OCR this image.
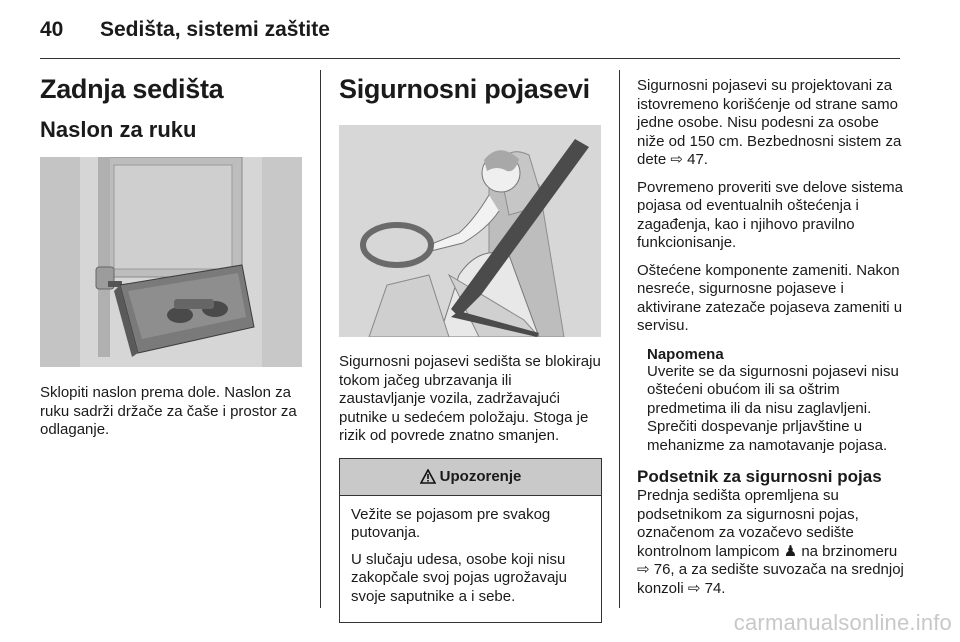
40 Sedišta, sistemi zaštite
Zadnja sedišta
Naslon za ruku

Sklopiti naslon prema dole. Naslon za ruku sadrži držače za čaše i prostor za odlaganje.

Sigurnosni pojasevi

Sigurnosni pojasevi sedišta se blokiraju tokom jačeg ubrzavanja ili zaustavljanje vozila, zadržavajući putnike u sedećem položaju. Stoga je rizik od povrede znatno smanjen.

Upozorenje

Vežite se pojasom pre svakog putovanja.

U slučaju udesa, osobe koji nisu zakopčale svoj pojas ugrožavaju svoje saputnike a i sebe.

Sigurnosni pojasevi su projektovani za istovremeno korišćenje od strane samo jedne osobe. Nisu podesni za osobe niže od 150 cm. Bezbednosni sistem za dete ⇨ 47.

Povremeno proveriti sve delove sistema pojasa od eventualnih oštećenja i zagađenja, kao i njihovo pravilno funkcionisanje.

Oštećene komponente zameniti. Nakon nesreće, sigurnosne pojaseve i aktivirane zatezače pojaseva zameniti u servisu.

Napomena

Uverite se da sigurnosni pojasevi nisu oštećeni obućom ili sa oštrim predmetima ili da nisu zaglavljeni. Sprečiti dospevanje prljavštine u mehanizme za namotavanje pojasa.

Podsetnik za sigurnosni pojas

Prednja sedišta opremljena su podsetnikom za sigurnosni pojas, označenom za vozačevo sedište kontrolnom lampicom ♟ na brzinomeru ⇨ 76, a za sedište suvozača na srednjoj konzoli ⇨ 74.

carmanualsonline.info
